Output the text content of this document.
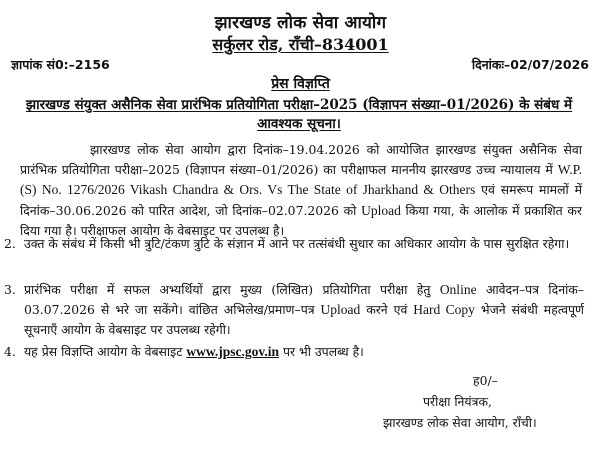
झारखण्ड लोक सेवा आयोग
सर्कुलर रोड, राँची–834001
ज्ञापांक सं0:–2156	दिनांकः–02/07/2026
प्रेस विज्ञप्ति
झारखण्ड संयुक्त असैनिक सेवा प्रारंभिक प्रतियोगिता परीक्षा–2025 (विज्ञापन संख्या–01/2026) के संबंध में आवश्यक सूचना।
झारखण्ड लोक सेवा आयोग द्वारा दिनांक–19.04.2026 को आयोजित झारखण्ड संयुक्त असैनिक सेवा प्रारंभिक प्रतियोगिता परीक्षा–2025 (विज्ञापन संख्या–01/2026) का परीक्षाफल माननीय झारखण्ड उच्च न्यायालय में W.P.(S) No. 1276/2026 Vikash Chandra & Ors. Vs The State of Jharkhand & Others एवं समरूप मामलों में दिनांक–30.06.2026 को पारित आदेश, जो दिनांक–02.07.2026 को Upload किया गया, के आलोक में प्रकाशित कर दिया गया है। परीक्षाफल आयोग के वेबसाइट पर उपलब्ध है।
2. उक्त के संबंध में किसी भी त्रुटि/टंकण त्रुटि के संज्ञान में आने पर तत्संबंधी सुधार का अधिकार आयोग के पास सुरक्षित रहेगा।
3. प्रारंभिक परीक्षा में सफल अभ्यर्थियों द्वारा मुख्य (लिखित) प्रतियोगिता परीक्षा हेतु Online आवेदन–पत्र दिनांक–03.07.2026 से भरे जा सकेंगे। वांछित अभिलेख/प्रमाण–पत्र Upload करने एवं Hard Copy भेजने संबंधी महत्वपूर्ण सूचनाएँ आयोग के वेबसाइट पर उपलब्ध रहेगी।
4. यह प्रेस विज्ञप्ति आयोग के वेबसाइट www.jpsc.gov.in पर भी उपलब्ध है।
ह0/–
परीक्षा नियंत्रक,
झारखण्ड लोक सेवा आयोग, राँची।
